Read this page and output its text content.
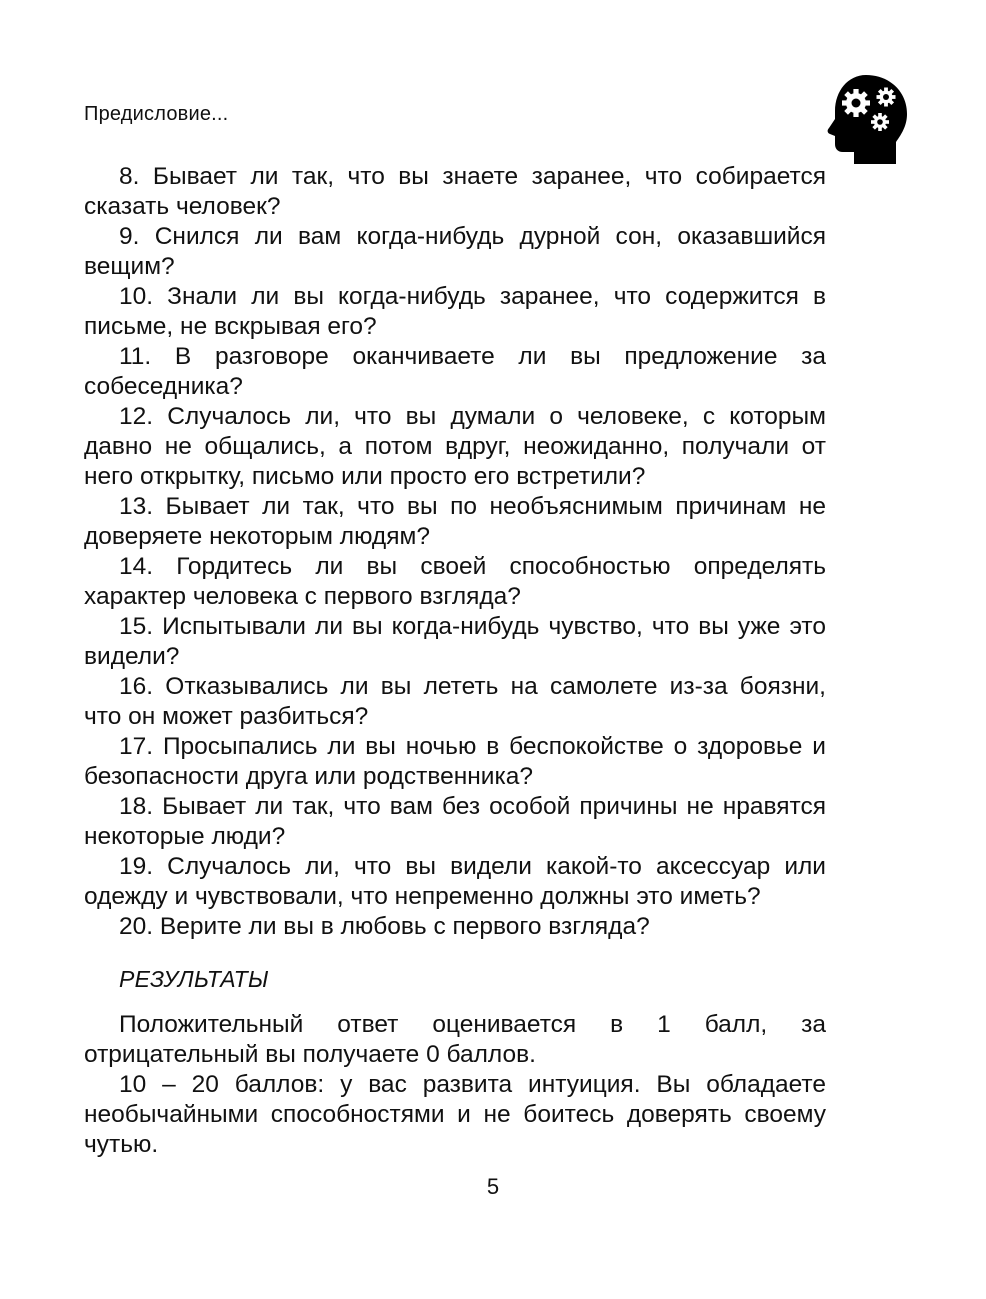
Предисловие...

8. Бывает ли так, что вы знаете заранее, что собирается сказать человек?

9. Снился ли вам когда-нибудь дурной сон, оказавшийся вещим?

10. Знали ли вы когда-нибудь заранее, что содержится в письме, не вскрывая его?

11. В разговоре оканчиваете ли вы предложение за собеседника?

12. Случалось ли, что вы думали о человеке, с которым давно не общались, а потом вдруг, неожиданно, получали от него открытку, письмо или просто его встретили?

13. Бывает ли так, что вы по необъяснимым причинам не доверяете некоторым людям?

14. Гордитесь ли вы своей способностью определять характер человека с первого взгляда?

15. Испытывали ли вы когда-нибудь чувство, что вы уже это видели?

16. Отказывались ли вы лететь на самолете из-за боязни, что он может разбиться?

17. Просыпались ли вы ночью в беспокойстве о здоровье и безопасности друга или родственника?

18. Бывает ли так, что вам без особой причины не нравятся некоторые люди?

19. Случалось ли, что вы видели какой-то аксессуар или одежду и чувствовали, что непременно должны это иметь?

20. Верите ли вы в любовь с первого взгляда?

РЕЗУЛЬТАТЫ

Положительный ответ оценивается в 1 балл, за отрицательный вы получаете 0 баллов.

10 – 20 баллов: у вас развита интуиция. Вы обладаете необычайными способностями и не боитесь доверять своему чутью.

5
